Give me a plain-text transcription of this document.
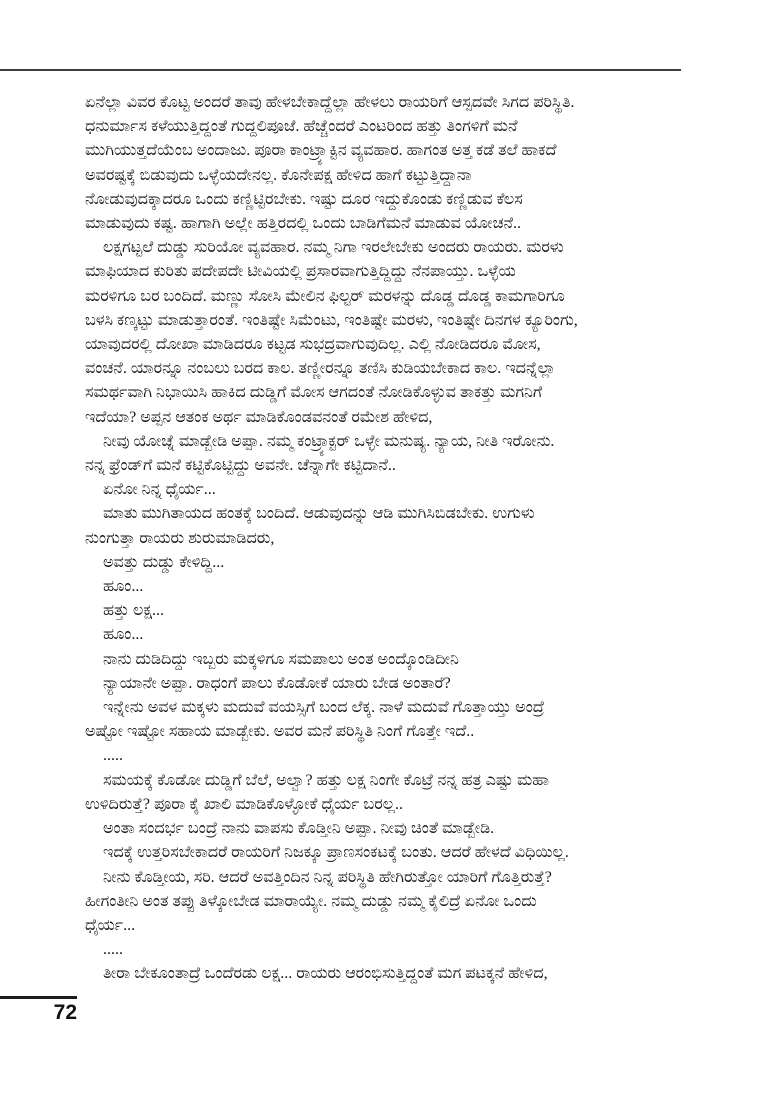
ಏನೆಲ್ಲಾ ವಿವರ ಕೊಟ್ಟ ಅಂದರೆ ತಾವು ಹೇಳಬೇಕಾದ್ದೆಲ್ಲಾ ಹೇಳಲು ರಾಯರಿಗೆ ಆಸ್ಪದವೇ ಸಿಗದ ಪರಿಸ್ಥಿತಿ.
ಧನುರ್ಮಾಸ ಕಳೆಯುತ್ತಿದ್ದಂತೆ ಗುದ್ದಲಿಪೂಜೆ. ಹೆಚ್ಚೆಂದರೆ ಎಂಟರಿಂದ ಹತ್ತು ತಿಂಗಳಿಗೆ ಮನೆ
ಮುಗಿಯುತ್ತದೆಯೆಂಬ ಅಂದಾಜು. ಪೂರಾ ಕಾಂಟ್ರ್ಯಾಕ್ಟಿನ ವ್ಯವಹಾರ. ಹಾಗಂತ ಅತ್ತ ಕಡೆ ತಲೆ ಹಾಕದೆ
ಅವರಷ್ಟಕ್ಕೆ ಬಿಡುವುದು ಒಳ್ಳೆಯದೇನಲ್ಲ. ಕೊನೇಪಕ್ಷ ಹೇಳಿದ ಹಾಗೆ ಕಟ್ಟುತ್ತಿದ್ದಾನಾ
ನೋಡುವುದಕ್ಕಾದರೂ ಒಂದು ಕಣ್ಣಿಟ್ಟಿರಬೇಕು. ಇಷ್ಟು ದೂರ ಇದ್ದುಕೊಂಡು ಕಣ್ಣಿಡುವ ಕೆಲಸ
ಮಾಡುವುದು ಕಷ್ಟ. ಹಾಗಾಗಿ ಅಲ್ಲೇ ಹತ್ತಿರದಲ್ಲಿ ಒಂದು ಬಾಡಿಗೆಮನೆ ಮಾಡುವ ಯೋಚನೆ..
ಲಕ್ಷಗಟ್ಟಲೆ ದುಡ್ಡು ಸುರಿಯೋ ವ್ಯವಹಾರ. ನಮ್ಮ ನಿಗಾ ಇರಲೇಬೇಕು ಅಂದರು ರಾಯರು. ಮರಳು
ಮಾಫಿಯಾದ ಕುರಿತು ಪದೇಪದೇ ಟೀವಿಯಲ್ಲಿ ಪ್ರಸಾರವಾಗುತ್ತಿದ್ದಿದ್ದು ನೆನಪಾಯ್ತು. ಒಳ್ಳೆಯ
ಮರಳಿಗೂ ಬರ ಬಂದಿದೆ. ಮಣ್ಣು ಸೋಸಿ ಮೇಲಿನ ಫಿಲ್ಟರ್ ಮರಳನ್ನು ದೊಡ್ಡ ದೊಡ್ಡ ಕಾಮಗಾರಿಗೂ
ಬಳಸಿ ಕಣ್ಕಟ್ಟು ಮಾಡುತ್ತಾರಂತೆ. ಇಂತಿಷ್ಟೇ ಸಿಮೆಂಟು, ಇಂತಿಷ್ಟೇ ಮರಳು, ಇಂತಿಷ್ಟೇ ದಿನಗಳ ಕ್ಯೂರಿಂಗು,
ಯಾವುದರಲ್ಲಿ ದೋಖಾ ಮಾಡಿದರೂ ಕಟ್ಟಡ ಸುಭದ್ರವಾಗುವುದಿಲ್ಲ. ಎಲ್ಲಿ ನೋಡಿದರೂ ಮೋಸ,
ವಂಚನೆ. ಯಾರನ್ನೂ ನಂಬಲು ಬರದ ಕಾಲ. ತಣ್ಣೀರನ್ನೂ ತಣಿಸಿ ಕುಡಿಯಬೇಕಾದ ಕಾಲ. ಇದನ್ನೆಲ್ಲಾ
ಸಮರ್ಥವಾಗಿ ನಿಭಾಯಿಸಿ ಹಾಕಿದ ದುಡ್ಡಿಗೆ ಮೋಸ ಆಗದಂತೆ ನೋಡಿಕೊಳ್ಳುವ ತಾಕತ್ತು ಮಗನಿಗೆ
ಇದೆಯಾ? ಅಪ್ಪನ ಆತಂಕ ಅರ್ಥ ಮಾಡಿಕೊಂಡವನಂತೆ ರಮೇಶ ಹೇಳಿದ,
ನೀವು ಯೋಚ್ನೆ ಮಾಡ್ಬೇಡಿ ಅಪ್ಪಾ. ನಮ್ಮ ಕಂಟ್ರ್ಯಾಕ್ಟರ್ ಒಳ್ಳೇ ಮನುಷ್ಯ. ನ್ಯಾಯ, ನೀತಿ ಇರೋನು.
ನನ್ನ ಫ್ರೆಂಡ್‌ಗೆ ಮನೆ ಕಟ್ಟಿಕೊಟ್ಟಿದ್ದು ಅವನೇ. ಚೆನ್ನಾಗೇ ಕಟ್ಟಿದಾನೆ..
ಏನೋ ನಿನ್ನ ಧೈರ್ಯ...
ಮಾತು ಮುಗಿತಾಯದ ಹಂತಕ್ಕೆ ಬಂದಿದೆ. ಆಡುವುದನ್ನು ಆಡಿ ಮುಗಿಸಿಬಿಡಬೇಕು. ಉಗುಳು
ನುಂಗುತ್ತಾ ರಾಯರು ಶುರುಮಾಡಿದರು,
ಅವತ್ತು ದುಡ್ಡು ಕೇಳಿದ್ದಿ...
ಹೂಂ...
ಹತ್ತು ಲಕ್ಷ...
ಹೂಂ...
ನಾನು ದುಡಿದಿದ್ದು ಇಬ್ಬರು ಮಕ್ಕಳಿಗೂ ಸಮಪಾಲು ಅಂತ ಅಂದ್ಕೊಂಡಿದೀನಿ
ನ್ಯಾಯಾನೇ ಅಪ್ಪಾ. ರಾಧಂಗೆ ಪಾಲು ಕೊಡೋಕೆ ಯಾರು ಬೇಡ ಅಂತಾರೆ?
ಇನ್ನೇನು ಅವಳ ಮಕ್ಕಳು ಮದುವೆ ವಯಸ್ಸಿಗೆ ಬಂದ ಲೆಕ್ಕ. ನಾಳೆ ಮದುವೆ ಗೊತ್ತಾಯ್ತು ಅಂದ್ರೆ
ಅಷ್ಟೋ ಇಷ್ಟೋ ಸಹಾಯ ಮಾಡ್ಬೇಕು. ಅವರ ಮನೆ ಪರಿಸ್ಥಿತಿ ನಿಂಗೆ ಗೊತ್ತೇ ಇದೆ..
.....
ಸಮಯಕ್ಕೆ ಕೊಡೋ ದುಡ್ಡಿಗೆ ಬೆಲೆ, ಅಲ್ವಾ? ಹತ್ತು ಲಕ್ಷ ನಿಂಗೇ ಕೊಟ್ರೆ ನನ್ನ ಹತ್ರ ಎಷ್ಟು ಮಹಾ
ಉಳಿದಿರುತ್ತೆ? ಪೂರಾ ಕೈ ಖಾಲಿ ಮಾಡಿಕೊಳ್ಳೋಕೆ ಧೈರ್ಯ ಬರಲ್ಲ..
ಅಂತಾ ಸಂದರ್ಭ ಬಂದ್ರೆ ನಾನು ವಾಪಸು ಕೊಡ್ತೀನಿ ಅಪ್ಪಾ. ನೀವು ಚಿಂತೆ ಮಾಡ್ಬೇಡಿ.
ಇದಕ್ಕೆ ಉತ್ತರಿಸಬೇಕಾದರೆ ರಾಯರಿಗೆ ನಿಜಕ್ಕೂ ಪ್ರಾಣಸಂಕಟಕ್ಕೆ ಬಂತು. ಆದರೆ ಹೇಳದೆ ವಿಧಿಯಿಲ್ಲ.
ನೀನು ಕೊಡ್ತೀಯ, ಸರಿ. ಆದರೆ ಅವತ್ತಿಂದಿನ ನಿನ್ನ ಪರಿಸ್ಥಿತಿ ಹೇಗಿರುತ್ತೋ ಯಾರಿಗೆ ಗೊತ್ತಿರುತ್ತೆ?
ಹೀಗಂತೀನಿ ಅಂತ ತಪ್ಪು ತಿಳ್ಕೋಬೇಡ ಮಾರಾಯ್ಯೇ. ನಮ್ಮ ದುಡ್ಡು ನಮ್ಮ ಕೈಲಿದ್ರೆ ಏನೋ ಒಂದು
ಧೈರ್ಯ...
.....
ತೀರಾ ಬೇಕೂಂತಾದ್ರೆ ಒಂದೆರಡು ಲಕ್ಷ... ರಾಯರು ಆರಂಭಿಸುತ್ತಿದ್ದಂತೆ ಮಗ ಪಟಕ್ಕನೆ ಹೇಳಿದ,
72
